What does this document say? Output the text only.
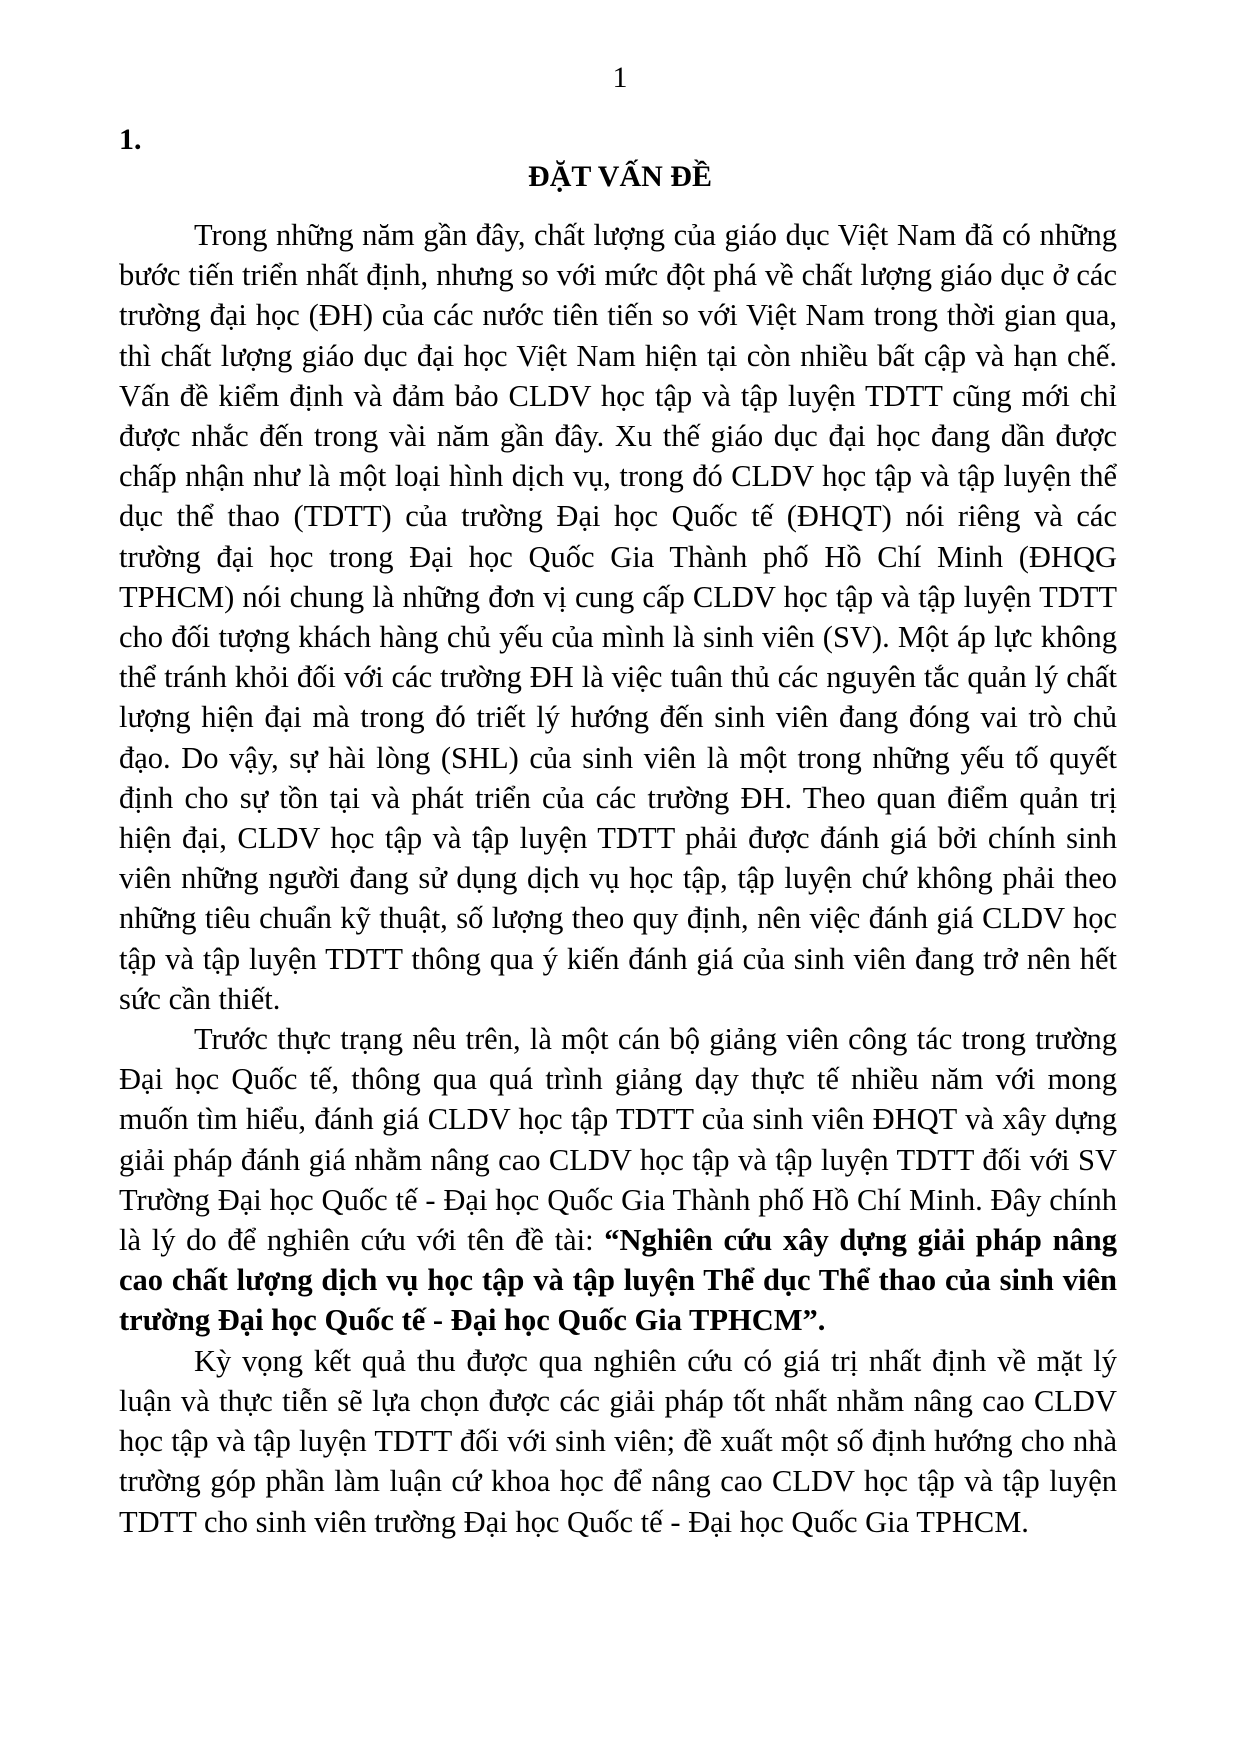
1
1.
ĐẶT VẤN ĐỀ

Trong những năm gần đây, chất lượng của giáo dục Việt Nam đã có những bước tiến triển nhất định, nhưng so với mức đột phá về chất lượng giáo dục ở các trường đại học (ĐH) của các nước tiên tiến so với Việt Nam trong thời gian qua, thì chất lượng giáo dục đại học Việt Nam hiện tại còn nhiều bất cập và hạn chế. Vấn đề kiểm định và đảm bảo CLDV học tập và tập luyện TDTT cũng mới chỉ được nhắc đến trong vài năm gần đây. Xu thế giáo dục đại học đang dần được chấp nhận như là một loại hình dịch vụ, trong đó CLDV học tập và tập luyện thể dục thể thao (TDTT) của trường Đại học Quốc tế (ĐHQT) nói riêng và các trường đại học trong Đại học Quốc Gia Thành phố Hồ Chí Minh (ĐHQG TPHCM) nói chung là những đơn vị cung cấp CLDV học tập và tập luyện TDTT cho đối tượng khách hàng chủ yếu của mình là sinh viên (SV). Một áp lực không thể tránh khỏi đối với các trường ĐH là việc tuân thủ các nguyên tắc quản lý chất lượng hiện đại mà trong đó triết lý hướng đến sinh viên đang đóng vai trò chủ đạo. Do vậy, sự hài lòng (SHL) của sinh viên là một trong những yếu tố quyết định cho sự tồn tại và phát triển của các trường ĐH. Theo quan điểm quản trị hiện đại, CLDV học tập và tập luyện TDTT phải được đánh giá bởi chính sinh viên những người đang sử dụng dịch vụ học tập, tập luyện chứ không phải theo những tiêu chuẩn kỹ thuật, số lượng theo quy định, nên việc đánh giá CLDV học tập và tập luyện TDTT thông qua ý kiến đánh giá của sinh viên đang trở nên hết sức cần thiết.

Trước thực trạng nêu trên, là một cán bộ giảng viên công tác trong trường Đại học Quốc tế, thông qua quá trình giảng dạy thực tế nhiều năm với mong muốn tìm hiểu, đánh giá CLDV học tập TDTT của sinh viên ĐHQT và xây dựng giải pháp đánh giá nhằm nâng cao CLDV học tập và tập luyện TDTT đối với SV Trường Đại học Quốc tế - Đại học Quốc Gia Thành phố Hồ Chí Minh. Đây chính là lý do để nghiên cứu với tên đề tài: “Nghiên cứu xây dựng giải pháp nâng cao chất lượng dịch vụ học tập và tập luyện Thể dục Thể thao của sinh viên trường Đại học Quốc tế - Đại học Quốc Gia TPHCM”.

Kỳ vọng kết quả thu được qua nghiên cứu có giá trị nhất định về mặt lý luận và thực tiễn sẽ lựa chọn được các giải pháp tốt nhất nhằm nâng cao CLDV học tập và tập luyện TDTT đối với sinh viên; đề xuất một số định hướng cho nhà trường góp phần làm luận cứ khoa học để nâng cao CLDV học tập và tập luyện TDTT cho sinh viên trường Đại học Quốc tế - Đại học Quốc Gia TPHCM.
